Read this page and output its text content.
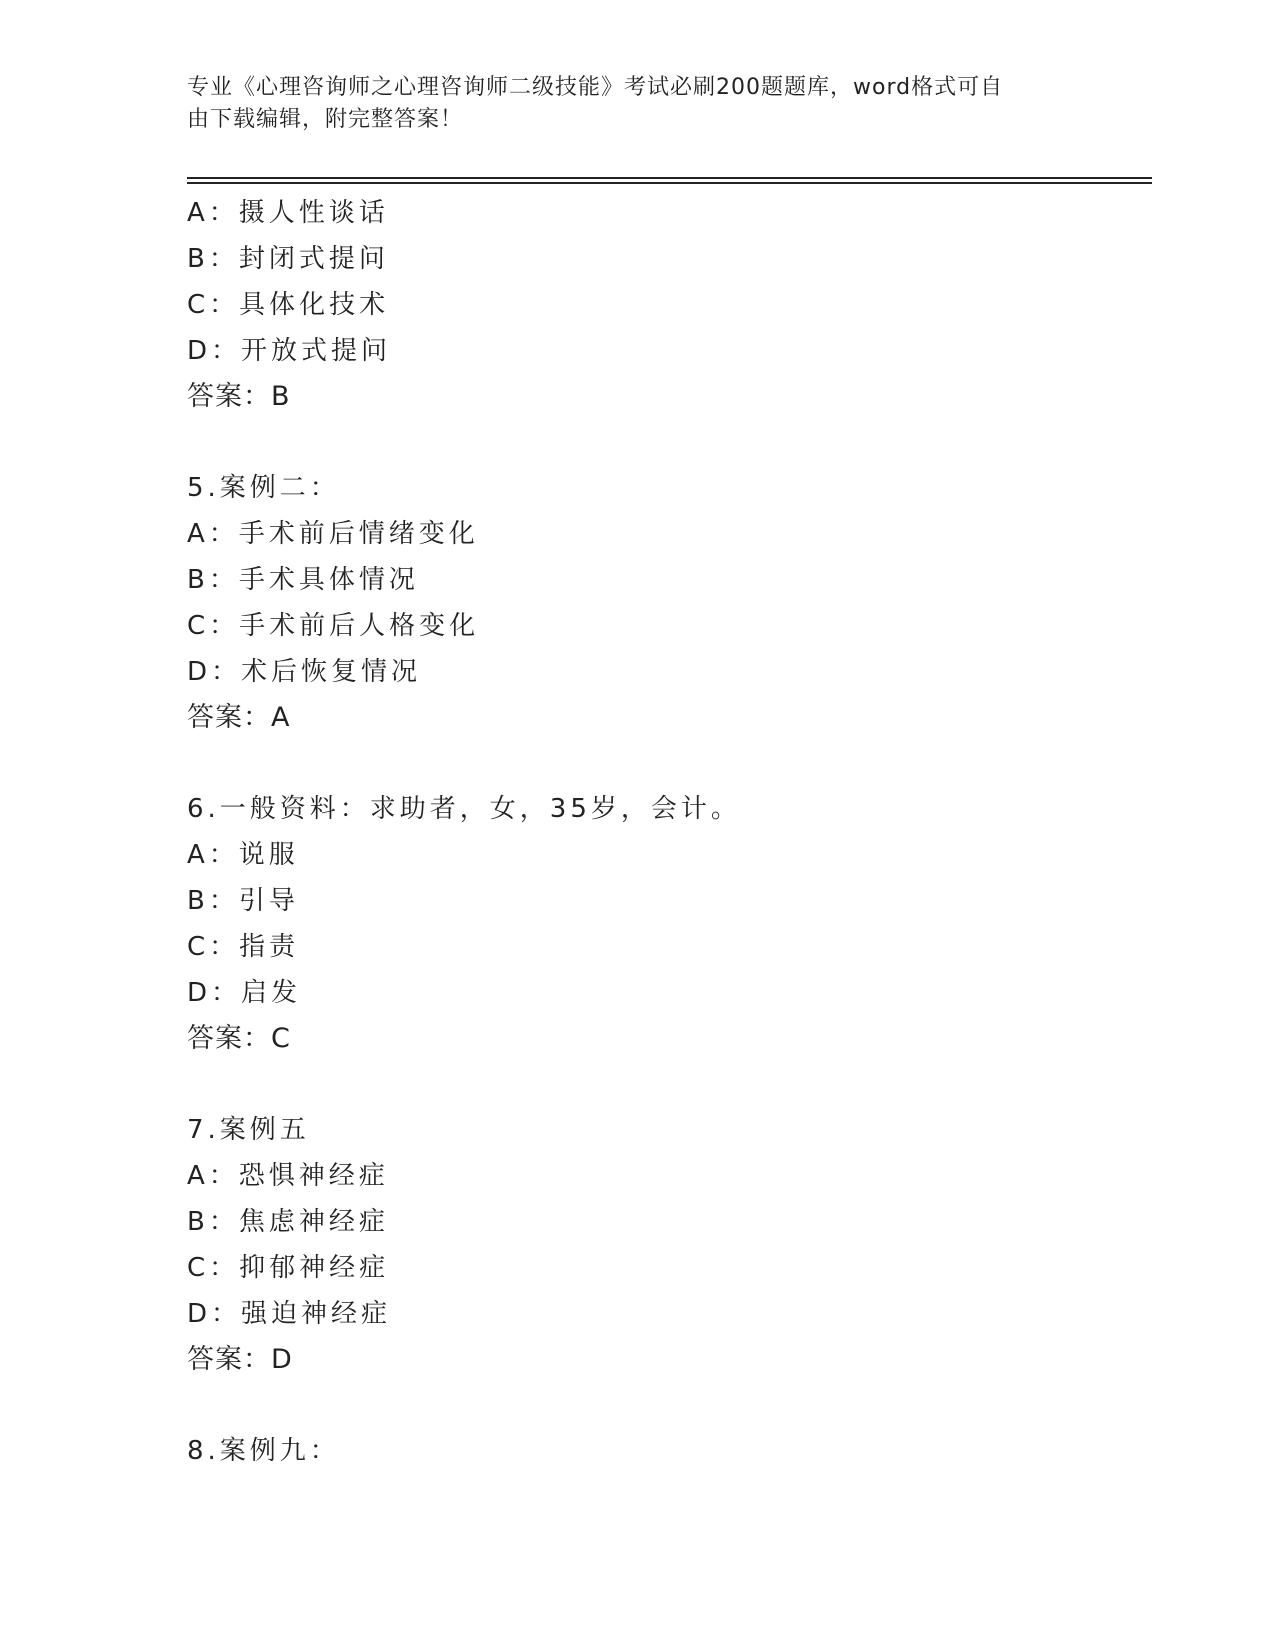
专业《心理咨询师之心理咨询师二级技能》考试必刷200题题库，word格式可自
由下载编辑，附完整答案！
A：摄人性谈话
B：封闭式提问
C：具体化技术
D：开放式提问
答案：B
5.案例二：
A：手术前后情绪变化
B：手术具体情况
C：手术前后人格变化
D：术后恢复情况
答案：A
6.一般资料：求助者，女，35岁，会计。
A：说服
B：引导
C：指责
D：启发
答案：C
7.案例五
A：恐惧神经症
B：焦虑神经症
C：抑郁神经症
D：强迫神经症
答案：D
8.案例九：
